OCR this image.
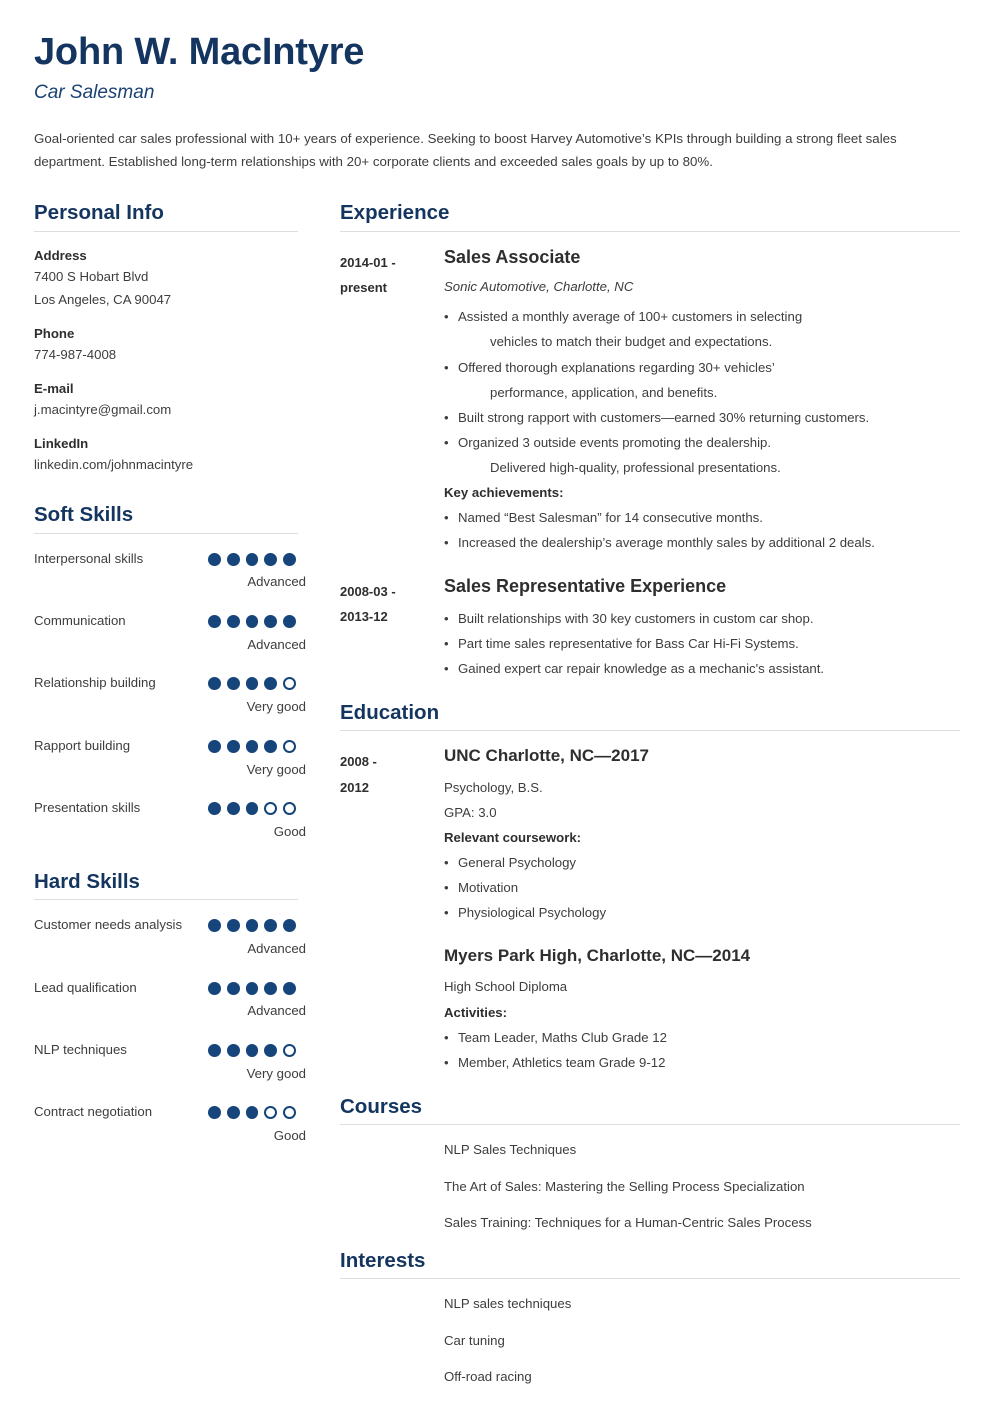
John W. MacIntyre
Car Salesman

Goal-oriented car sales professional with 10+ years of experience. Seeking to boost Harvey Automotive’s KPIs through building a strong fleet sales department. Established long-term relationships with 20+ corporate clients and exceeded sales goals by up to 80%.

Personal Info
Address
7400 S Hobart Blvd
Los Angeles, CA 90047
Phone
774-987-4008
E-mail
j.macintyre@gmail.com
LinkedIn
linkedin.com/johnmacintyre
Soft Skills
Interpersonal skills
Advanced
Communication
Advanced
Relationship building
Very good
Rapport building
Very good
Presentation skills
Good
Hard Skills
Customer needs analysis
Advanced
Lead qualification
Advanced
NLP techniques
Very good
Contract negotiation
Good
Experience
2014-01 -
present
Sales Associate
Sonic Automotive, Charlotte, NC
• Assisted a monthly average of 100+ customers in selecting
vehicles to match their budget and expectations.
• Offered thorough explanations regarding 30+ vehicles’
performance, application, and benefits.
• Built strong rapport with customers—earned 30% returning customers.
• Organized 3 outside events promoting the dealership.
Delivered high-quality, professional presentations.
Key achievements:
• Named “Best Salesman” for 14 consecutive months.
• Increased the dealership’s average monthly sales by additional 2 deals.
2008-03 -
2013-12
Sales Representative Experience
• Built relationships with 30 key customers in custom car shop.
• Part time sales representative for Bass Car Hi-Fi Systems.
• Gained expert car repair knowledge as a mechanic's assistant.
Education
2008 -
2012
UNC Charlotte, NC—2017
Psychology, B.S.
GPA: 3.0
Relevant coursework:
• General Psychology
• Motivation
• Physiological Psychology
Myers Park High, Charlotte, NC—2014
High School Diploma
Activities:
• Team Leader, Maths Club Grade 12
• Member, Athletics team Grade 9-12
Courses
NLP Sales Techniques
The Art of Sales: Mastering the Selling Process Specialization
Sales Training: Techniques for a Human-Centric Sales Process
Interests
NLP sales techniques
Car tuning
Off-road racing
